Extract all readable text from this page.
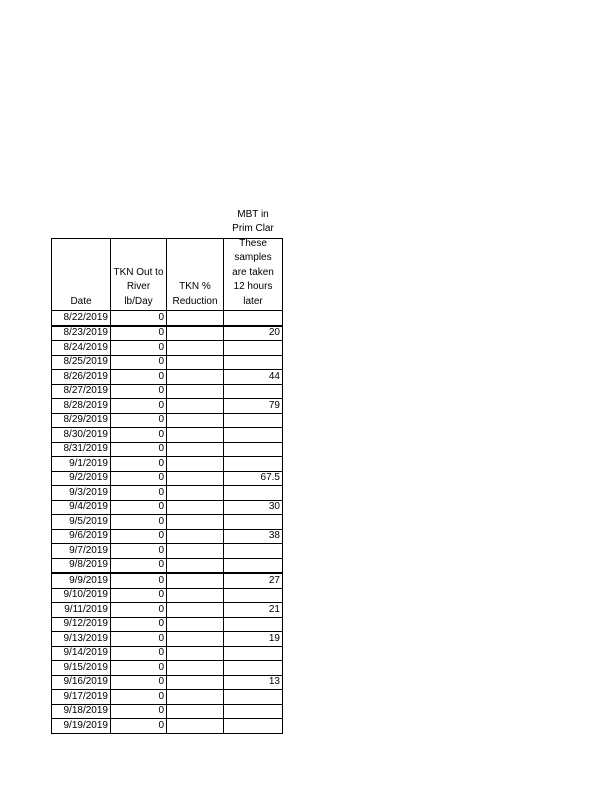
Date	TKN Out to River lb/Day	TKN % Reduction	MBT in Prim Clar These samples are taken 12 hours later

8/22/2019	0		
8/23/2019	0		20
8/24/2019	0		
8/25/2019	0		
8/26/2019	0		44
8/27/2019	0		
8/28/2019	0		79
8/29/2019	0		
8/30/2019	0		
8/31/2019	0		
9/1/2019	0		
9/2/2019	0		67.5
9/3/2019	0		
9/4/2019	0		30
9/5/2019	0		
9/6/2019	0		38
9/7/2019	0		
9/8/2019	0		
9/9/2019	0		27
9/10/2019	0		
9/11/2019	0		21
9/12/2019	0		
9/13/2019	0		19
9/14/2019	0		
9/15/2019	0		
9/16/2019	0		13
9/17/2019	0		
9/18/2019	0		
9/19/2019	0		
